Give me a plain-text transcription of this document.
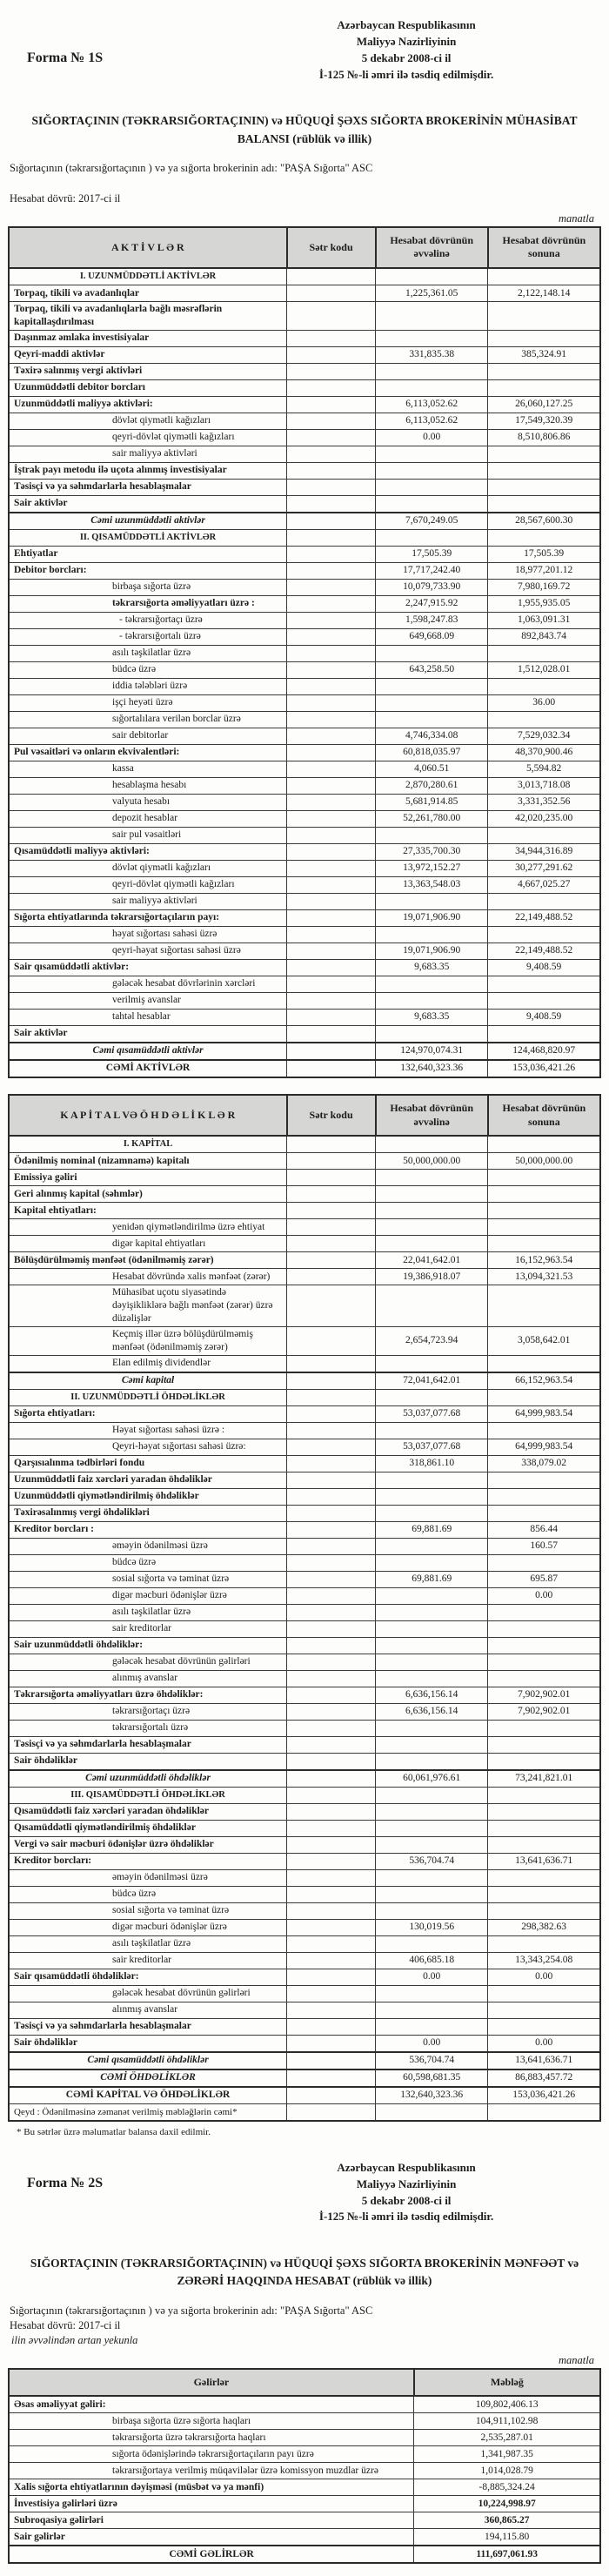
Forma № 1S
Azərbaycan Respublikasının
Maliyyə Nazirliyinin
5 dekabr 2008-ci il
İ-125 №-li əmri ilə təsdiq edilmişdir.
SIĞORTAÇININ (TƏKRARSIĞORTAÇININ) və HÜQUQİ ŞƏXS SIĞORTA BROKERİNİN MÜHASİBAT BALANSI (rüblük və illik)
Sığortaçının (təkrarsığortaçının ) və ya sığorta brokerinin adı: "PAŞA Sığorta" ASC
Hesabat dövrü: 2017-ci il
manatla
A K T İ V L Ə R	Sətr kodu	Hesabat dövrünün əvvəlinə	Hesabat dövrünün sonuna
I. UZUNMÜDDƏTLİ AKTİVLƏR			
Torpaq, tikili və avadanlıqlar		1,225,361.05	2,122,148.14
Torpaq, tikili və avadanlıqlarla bağlı məsrəflərin kapitallaşdırılması			
Daşınmaz əmlaka investisiyalar			
Qeyri-maddi aktivlər		331,835.38	385,324.91
Təxirə salınmış vergi aktivləri			
Uzunmüddətli debitor borcları			
Uzunmüddətli maliyyə aktivləri:		6,113,052.62	26,060,127.25
dövlət qiymətli kağızları		6,113,052.62	17,549,320.39
qeyri-dövlət qiymətli kağızları		0.00	8,510,806.86
sair maliyyə aktivləri			
İştrak payı metodu ilə uçota alınmış investisiyalar			
Təsisçi və ya səhmdarlarla hesablaşmalar			
Sair aktivlər			
Cəmi uzunmüddətli aktivlər		7,670,249.05	28,567,600.30
II. QISAMÜDDƏTLİ AKTİVLƏR			
Ehtiyatlar		17,505.39	17,505.39
Debitor borcları:		17,717,242.40	18,977,201.12
birbaşa sığorta üzrə		10,079,733.90	7,980,169.72
təkrarsığorta əməliyyatları üzrə :		2,247,915.92	1,955,935.05
- təkrarsığortaçı üzrə		1,598,247.83	1,063,091.31
- təkrarsığortalı üzrə		649,668.09	892,843.74
asılı təşkilatlar üzrə			
büdcə üzrə		643,258.50	1,512,028.01
iddia tələbləri üzrə			
işçi heyəti üzrə			36.00
sığortalılara verilən borclar üzrə			
sair debitorlar		4,746,334.08	7,529,032.34
Pul vəsaitləri və onların ekvivalentləri:		60,818,035.97	48,370,900.46
kassa		4,060.51	5,594.82
hesablaşma hesabı		2,870,280.61	3,013,718.08
valyuta hesabı		5,681,914.85	3,331,352.56
depozit hesablar		52,261,780.00	42,020,235.00
sair pul vəsaitləri			
Qısamüddətli maliyyə aktivləri:		27,335,700.30	34,944,316.89
dövlət qiymətli kağızları		13,972,152.27	30,277,291.62
qeyri-dövlət qiymətli kağızları		13,363,548.03	4,667,025.27
sair maliyyə aktivləri			
Sığorta ehtiyatlarında təkrarsığortaçıların payı:		19,071,906.90	22,149,488.52
həyat sığortası sahəsi üzrə			
qeyri-həyat sığortası sahəsi üzrə		19,071,906.90	22,149,488.52
Sair qısamüddətli aktivlər:		9,683.35	9,408.59
gələcək hesabat dövrlərinin xərcləri			
verilmiş avanslar			
tahtəl hesablar		9,683.35	9,408.59
Sair aktivlər			
Cəmi qısamüddətli aktivlər		124,970,074.31	124,468,820.97
CƏMİ AKTİVLƏR		132,640,323.36	153,036,421.26
K A P İ T A L VƏ Ö H D Ə L İ K L Ə R	Sətr kodu	Hesabat dövrünün əvvəlinə	Hesabat dövrünün sonuna
I. KAPİTAL			
Ödənilmiş nominal (nizamnamə) kapitalı		50,000,000.00	50,000,000.00
Emissiya gəliri			
Geri alınmış kapital (səhmlər)			
Kapital ehtiyatları:			
yenidən qiymətləndirilmə üzrə ehtiyat			
digər kapital ehtiyatları			
Bölüşdürülməmiş mənfəət (ödənilməmiş zərər)		22,041,642.01	16,152,963.54
Hesabat dövründə xalis mənfəət (zərər)		19,386,918.07	13,094,321.53
Mühasibat uçotu siyasətində dəyişikliklərə bağlı mənfəət (zərər) üzrə düzəlişlər			
Keçmiş illər üzrə bölüşdürülməmiş mənfəət (ödənilməmiş zərər)		2,654,723.94	3,058,642.01
Elan edilmiş dividendlər			
Cəmi kapital		72,041,642.01	66,152,963.54
II. UZUNMÜDDƏTLİ ÖHDƏLİKLƏR			
Sığorta ehtiyatları:		53,037,077.68	64,999,983.54
Həyat sığortası sahəsi üzrə :			
Qeyri-həyat sığortası sahəsi üzrə:		53,037,077.68	64,999,983.54
Qarşısıalınma tədbirləri fondu		318,861.10	338,079.02
Uzunmüddətli faiz xərcləri yaradan öhdəliklər			
Uzunmüddətli qiymətləndirilmiş öhdəliklər			
Təxirəsalınmış vergi öhdəlikləri			
Kreditor borcları :		69,881.69	856.44
əməyin ödənilməsi üzrə			160.57
büdcə üzrə			
sosial sığorta və təminat üzrə		69,881.69	695.87
digər məcburi ödənişlər üzrə			0.00
asılı təşkilatlar üzrə			
sair kreditorlar			
Sair uzunmüddətli öhdəliklər:			
gələcək hesabat dövrünün gəlirləri			
alınmış avanslar			
Təkrarsığorta əməliyyatları üzrə öhdəliklər:		6,636,156.14	7,902,902.01
təkrarsığortaçı üzrə		6,636,156.14	7,902,902.01
təkrarsığortalı üzrə			
Təsisçi və ya səhmdarlarla hesablaşmalar			
Sair öhdəliklər			
Cəmi uzunmüddətli öhdəliklər		60,061,976.61	73,241,821.01
III. QISAMÜDDƏTLİ ÖHDƏLİKLƏR			
Qısamüddətli faiz xərcləri yaradan öhdəliklər			
Qısamüddətli qiymətləndirilmiş öhdəliklər			
Vergi və sair məcburi ödənişlər üzrə öhdəliklər			
Kreditor borcları:		536,704.74	13,641,636.71
əməyin ödənilməsi üzrə			
büdcə üzrə			
sosial sığorta və təminat üzrə			
digər məcburi ödənişlər üzrə		130,019.56	298,382.63
asılı təşkilatlar üzrə			
sair kreditorlar		406,685.18	13,343,254.08
Sair qısamüddətli öhdəliklər:		0.00	0.00
gələcək hesabat dövrünün gəlirləri			
alınmış avanslar			
Təsisçi və ya səhmdarlarla hesablaşmalar			
Sair öhdəliklər		0.00	0.00
Cəmi qısamüddətli öhdəliklər		536,704.74	13,641,636.71
CƏMİ ÖHDƏLİKLƏR		60,598,681.35	86,883,457.72
CƏMİ KAPİTAL VƏ ÖHDƏLİKLƏR		132,640,323.36	153,036,421.26
Qeyd : Ödənilməsinə zəmanət verilmiş məbləğlərin cəmi*			
* Bu sətrlər üzrə məlumatlar balansa daxil edilmir.
Forma № 2S
Azərbaycan Respublikasının
Maliyyə Nazirliyinin
5 dekabr 2008-ci il
İ-125 №-li əmri ilə təsdiq edilmişdir.
SIĞORTAÇININ (TƏKRARSIĞORTAÇININ) və HÜQUQİ ŞƏXS SIĞORTA BROKERİNİN MƏNFƏƏT və ZƏRƏRİ HAQQINDA HESABAT (rüblük və illik)
Sığortaçının (təkrarsığortaçının ) və ya sığorta brokerinin adı: "PAŞA Sığorta" ASC
Hesabat dövrü: 2017-ci il
ilin əvvəlindən artan yekunla
manatla
Gəlirlər	Məbləğ
Əsas əməliyyat gəliri:	109,802,406.13
birbaşa sığorta üzrə sığorta haqları	104,911,102.98
təkrarsığorta üzrə təkrarsığorta haqları	2,535,287.01
sığorta ödənişlərində təkrarsığortaçıların payı üzrə	1,341,987.35
təkrarsığortaya verilmiş müqavilələr üzrə komissyon muzdlar üzrə	1,014,028.79
Xalis sığorta ehtiyatlarının dəyişməsi (müsbət və ya mənfi)	-8,885,324.24
İnvestisiya gəlirləri üzrə	10,224,998.97
Subroqasiya gəlirləri	360,865.27
Sair gəlirlər	194,115.80
CƏMİ GƏLİRLƏR	111,697,061.93
